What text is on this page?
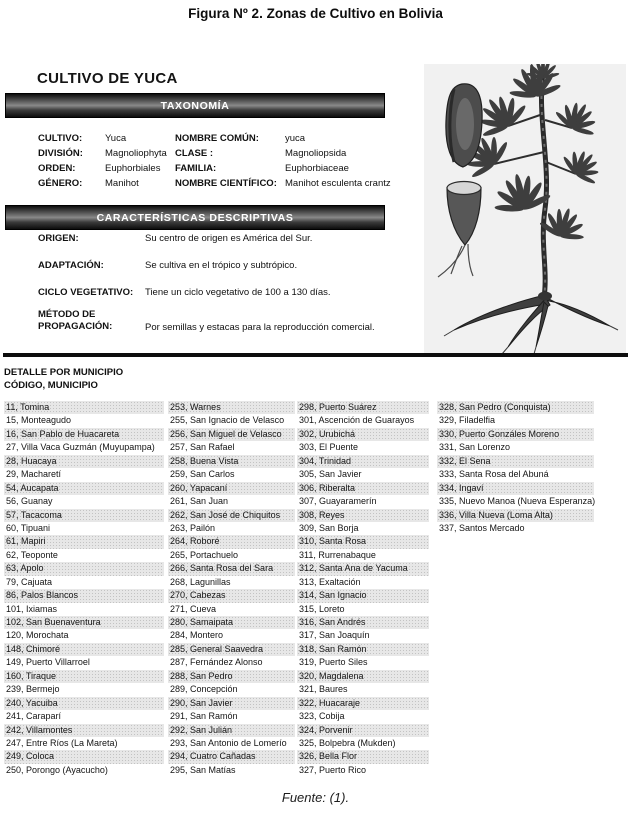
Figura Nº 2. Zonas de Cultivo en Bolivia
CULTIVO DE YUCA
TAXONOMÍA
CULTIVO:	Yuca	NOMBRE COMÚN:	yuca
DIVISIÓN:	Magnoliophyta CLASE :	Magnoliopsida
ORDEN:	Euphorbiales	FAMILIA:	Euphorbiaceae
GÉNERO:	Manihot	NOMBRE CIENTÍFICO: Manihot esculenta crantz
CARACTERÍSTICAS DESCRIPTIVAS
ORIGEN:	Su centro de origen es América del Sur.
ADAPTACIÓN:	Se cultiva en el trópico y subtrópico.
CICLO VEGETATIVO:	Tiene un ciclo vegetativo de 100 a 130 días.
MÉTODO DE PROPAGACIÓN:	Por semillas y estacas para la reproducción comercial.
DETALLE POR MUNICIPIO
CÓDIGO, MUNICIPIO
11, Tomina
15, Monteagudo
16, San Pablo de Huacareta
27, Villa Vaca Guzmán (Muyupampa)
28, Huacaya
29, Macharetí
54, Aucapata
56, Guanay
57, Tacacoma
60, Tipuani
61, Mapiri
62, Teoponte
63, Apolo
79, Cajuata
86, Palos Blancos
101, Ixiamas
102, San Buenaventura
120, Morochata
148, Chimoré
149, Puerto Villarroel
160, Tiraque
239, Bermejo
240, Yacuiba
241, Caraparí
242, Villamontes
247, Entre Ríos (La Mareta)
249, Coloca
250, Porongo (Ayacucho)
253, Warnes
255, San Ignacio de Velasco
256, San Miguel de Velasco
257, San Rafael
258, Buena Vista
259, San Carlos
260, Yapacaní
261, San Juan
262, San José de Chiquitos
263, Pailón
264, Roboré
265, Portachuelo
266, Santa Rosa del Sara
268, Lagunillas
270, Cabezas
271, Cueva
280, Samaipata
284, Montero
285, General Saavedra
287, Fernández Alonso
288, San Pedro
289, Concepción
290, San Javier
291, San Ramón
292, San Julián
293, San Antonio de Lomerío
294, Cuatro Cañadas
295, San Matías
298, Puerto Suárez
301, Ascención de Guarayos
302, Urubichá
303, El Puente
304, Trinidad
305, San Javier
306, Riberalta
307, Guayaramerín
308, Reyes
309, San Borja
310, Santa Rosa
311, Rurrenabaque
312, Santa Ana de Yacuma
313, Exaltación
314, San Ignacio
315, Loreto
316, San Andrés
317, San Joaquín
318, San Ramón
319, Puerto Siles
320, Magdalena
321, Baures
322, Huacaraje
323, Cobija
324, Porvenir
325, Bolpebra (Mukden)
326, Bella Flor
327, Puerto Rico
328, San Pedro (Conquista)
329, Filadelfia
330, Puerto Gonzáles Moreno
331, San Lorenzo
332, El Sena
333, Santa Rosa del Abuná
334, Ingaví
335, Nuevo Manoa (Nueva Esperanza)
336, Villa Nueva (Loma Alta)
337, Santos Mercado
Fuente: (1).
